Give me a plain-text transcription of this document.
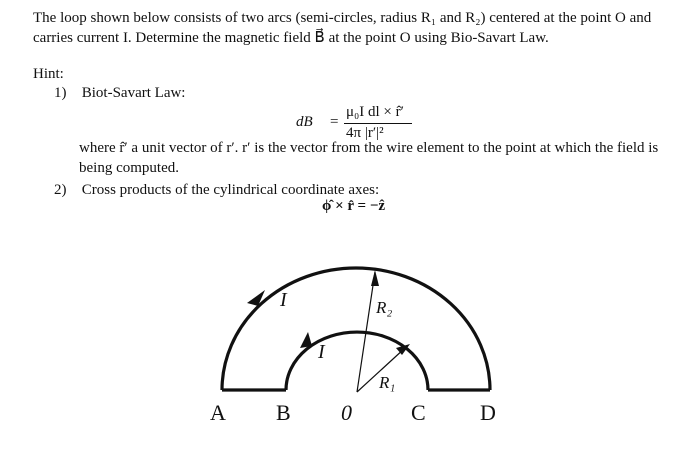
The loop shown below consists of two arcs (semi-circles, radius R₁ and R₂) centered at the point O and carries current I. Determine the magnetic field B⃗ at the point O using Bio-Savart Law.
Hint:
1) Biot-Savart Law:
dB⃗ =
μ₀I dl × r̂′
4π |r′|²
where r̂′ a unit vector of r′. r′ is the vector from the wire element to the point at which the field is being computed.
2) Cross products of the cylindrical coordinate axes:
ϕ̂ × r̂ = −ẑ
I
I
R₂
R₁
A B 0	C D
